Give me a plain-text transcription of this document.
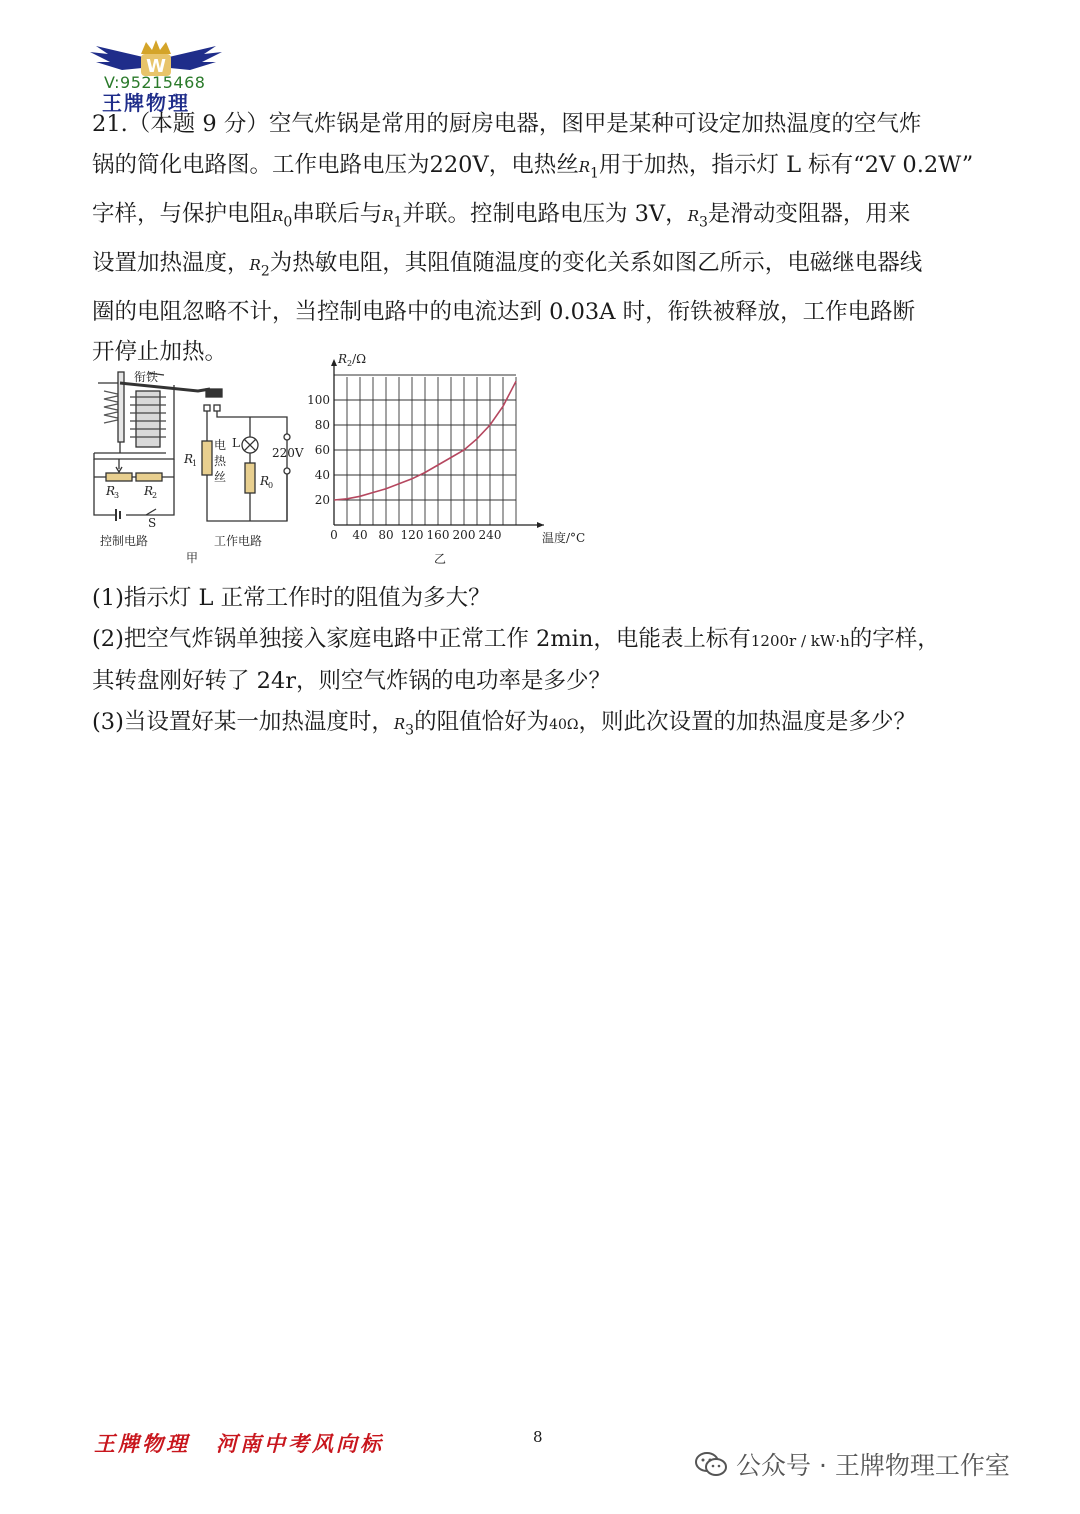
W
V:95215468
王牌物理

21.（本题 9 分）空气炸锅是常用的厨房电器，图甲是某种可设定加热温度的空气炸

锅的简化电路图。工作电路电压为220V，电热丝$R_1$用于加热，指示灯 L 标有“2V 0.2W”

字样，与保护电阻$R_0$串联后与$R_1$并联。控制电路电压为 3V，$R_3$是滑动变阻器，用来

设置加热温度，$R_2$为热敏电阻，其阻值随温度的变化关系如图乙所示，电磁继电器线

圈的电阻忽略不计，当控制电路中的电流达到 0.03A 时，衔铁被释放，工作电路断

开停止加热。

衔铁
R
1
电
热
丝
L
220V
R
0
R
3 R
2
S
控制电路	工作电路
甲
0 40 80 120 160 200 240
20
40
60
80
100
温度/°C
$R_2/\Omega$
乙

(1)指示灯 L 正常工作时的阻值为多大？

(2)把空气炸锅单独接入家庭电路中正常工作 2min，电能表上标有1200r / kW·h的字样，

其转盘刚好转了 24r，则空气炸锅的电功率是多少？

(3)当设置好某一加热温度时，$R_3$的阻值恰好为40Ω，则此次设置的加热温度是多少？

王牌物理 河南中考风向标	8
公众号 · 王牌物理工作室
